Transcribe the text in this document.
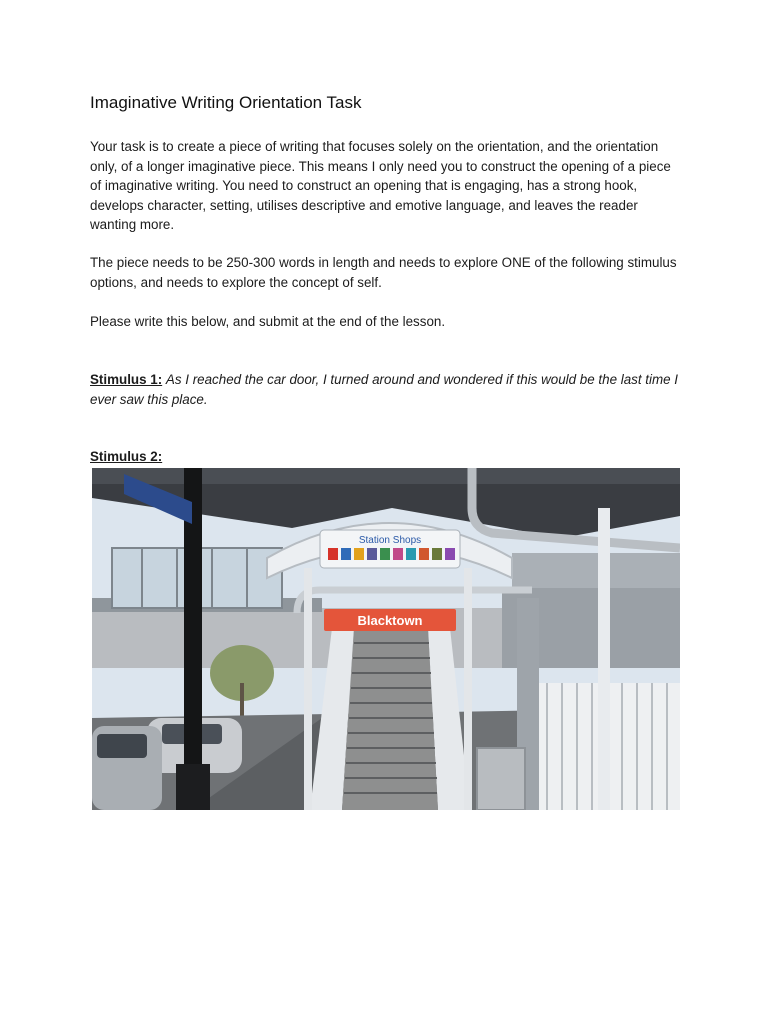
Imaginative Writing Orientation Task

Your task is to create a piece of writing that focuses solely on the orientation, and the orientation only, of a longer imaginative piece. This means I only need you to construct the opening of a piece of imaginative writing. You need to construct an opening that is engaging, has a strong hook, develops character, setting, utilises descriptive and emotive language, and leaves the reader wanting more.

The piece needs to be 250-300 words in length and needs to explore ONE of the following stimulus options, and needs to explore the concept of self.

Please write this below, and submit at the end of the lesson.

Stimulus 1: As I reached the car door, I turned around and wondered if this would be the last time I ever saw this place.

Stimulus 2:

Station Shops
Blacktown
